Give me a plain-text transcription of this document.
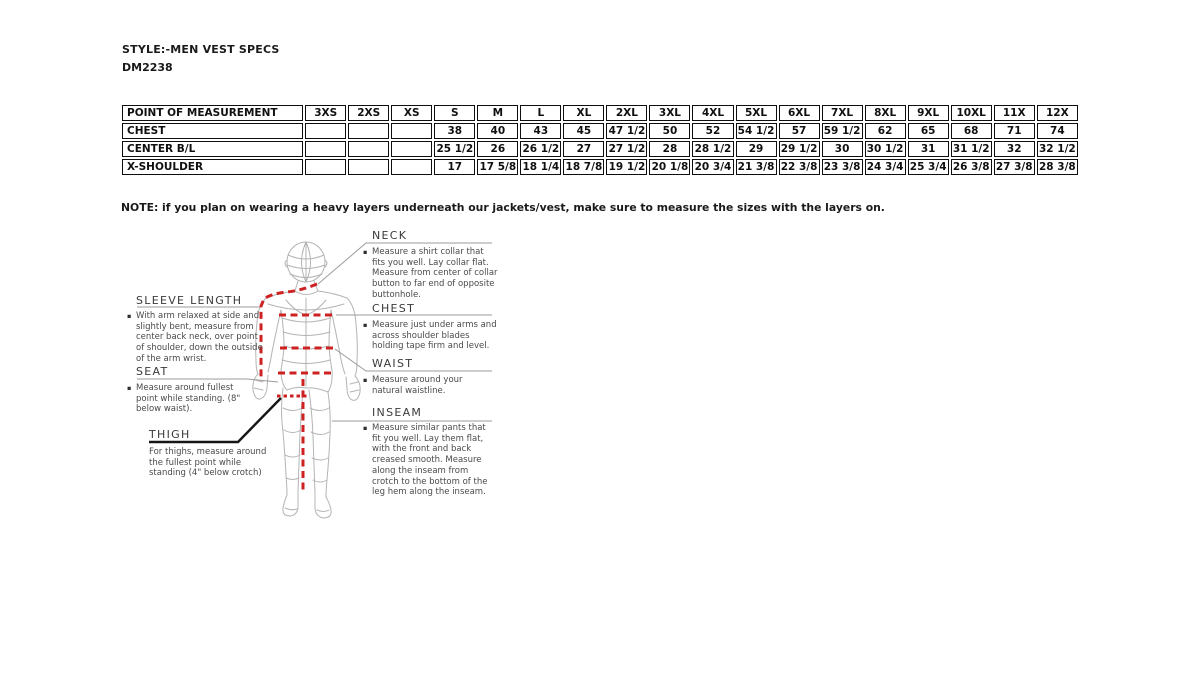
STYLE:-MEN VEST SPECS
DM2238
POINT OF MEASUREMENT	3XS	2XS	XS	S	M	L	XL	2XL	3XL	4XL	5XL	6XL	7XL	8XL	9XL	10XL	11X	12X
CHEST				38	40	43	45	47 1/2	50	52	54 1/2	57	59 1/2	62	65	68	71	74
CENTER B/L				25 1/2	26	26 1/2	27	27 1/2	28	28 1/2	29	29 1/2	30	30 1/2	31	31 1/2	32	32 1/2
X-SHOULDER				17	17 5/8	18 1/4	18 7/8	19 1/2	20 1/8	20 3/4	21 3/8	22 3/8	23 3/8	24 3/4	25 3/4	26 3/8	27 3/8	28 3/8
NOTE: if you plan on wearing a heavy layers underneath our jackets/vest, make sure to measure the sizes with the layers on.
SLEEVE LENGTH
▪ With arm relaxed at side and slightly bent, measure from center back neck, over point of shoulder, down the outside of the arm wrist.
SEAT
▪ Measure around fullest point while standing. (8" below waist).
THIGH
For thighs, measure around the fullest point while standing (4" below crotch)
NECK
▪ Measure a shirt collar that fits you well. Lay collar flat. Measure from center of collar button to far end of opposite buttonhole.
CHEST
▪ Measure just under arms and across shoulder blades holding tape firm and level.
WAIST
▪ Measure around your natural waistline.
INSEAM
▪ Measure similar pants that fit you well. Lay them flat, with the front and back creased smooth. Measure along the inseam from crotch to the bottom of the leg hem along the inseam.
